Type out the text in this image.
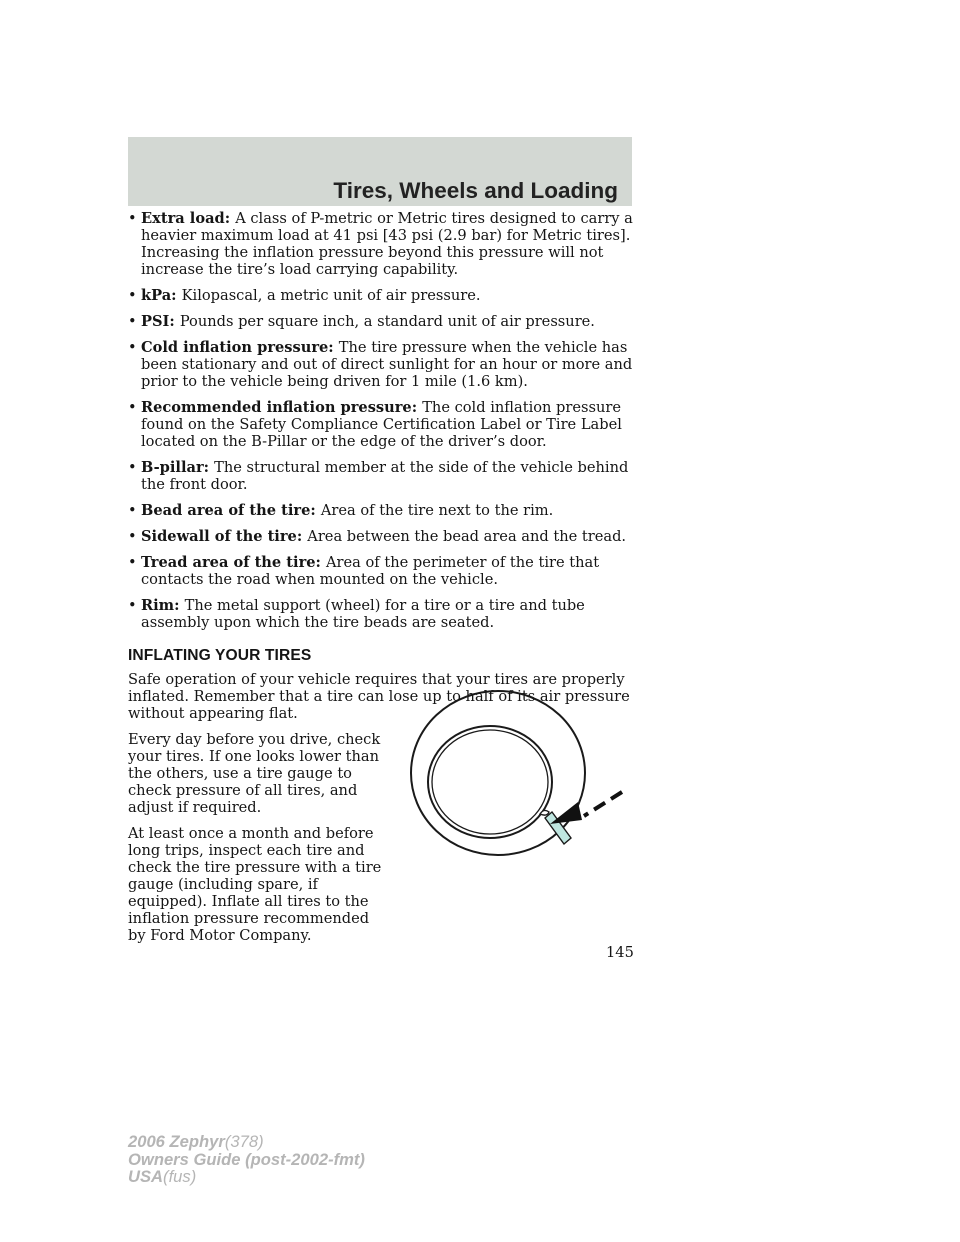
Tires, Wheels and Loading
• Extra load: A class of P-metric or Metric tires designed to carry a heavier maximum load at 41 psi [43 psi (2.9 bar) for Metric tires]. Increasing the inflation pressure beyond this pressure will not increase the tire’s load carrying capability.
• kPa: Kilopascal, a metric unit of air pressure.
• PSI: Pounds per square inch, a standard unit of air pressure.
• Cold inflation pressure: The tire pressure when the vehicle has been stationary and out of direct sunlight for an hour or more and prior to the vehicle being driven for 1 mile (1.6 km).
• Recommended inflation pressure: The cold inflation pressure found on the Safety Compliance Certification Label or Tire Label located on the B-Pillar or the edge of the driver’s door.
• B-pillar: The structural member at the side of the vehicle behind the front door.
• Bead area of the tire: Area of the tire next to the rim.
• Sidewall of the tire: Area between the bead area and the tread.
• Tread area of the tire: Area of the perimeter of the tire that contacts the road when mounted on the vehicle.
• Rim: The metal support (wheel) for a tire or a tire and tube assembly upon which the tire beads are seated.
INFLATING YOUR TIRES

Safe operation of your vehicle requires that your tires are properly inflated. Remember that a tire can lose up to half of its air pressure without appearing flat.

Every day before you drive, check your tires. If one looks lower than the others, use a tire gauge to check pressure of all tires, and adjust if required.

At least once a month and before long trips, inspect each tire and check the tire pressure with a tire gauge (including spare, if equipped). Inflate all tires to the inflation pressure recommended by Ford Motor Company.

145
2006 Zephyr(378)
Owners Guide (post-2002-fmt)
USA(fus)
